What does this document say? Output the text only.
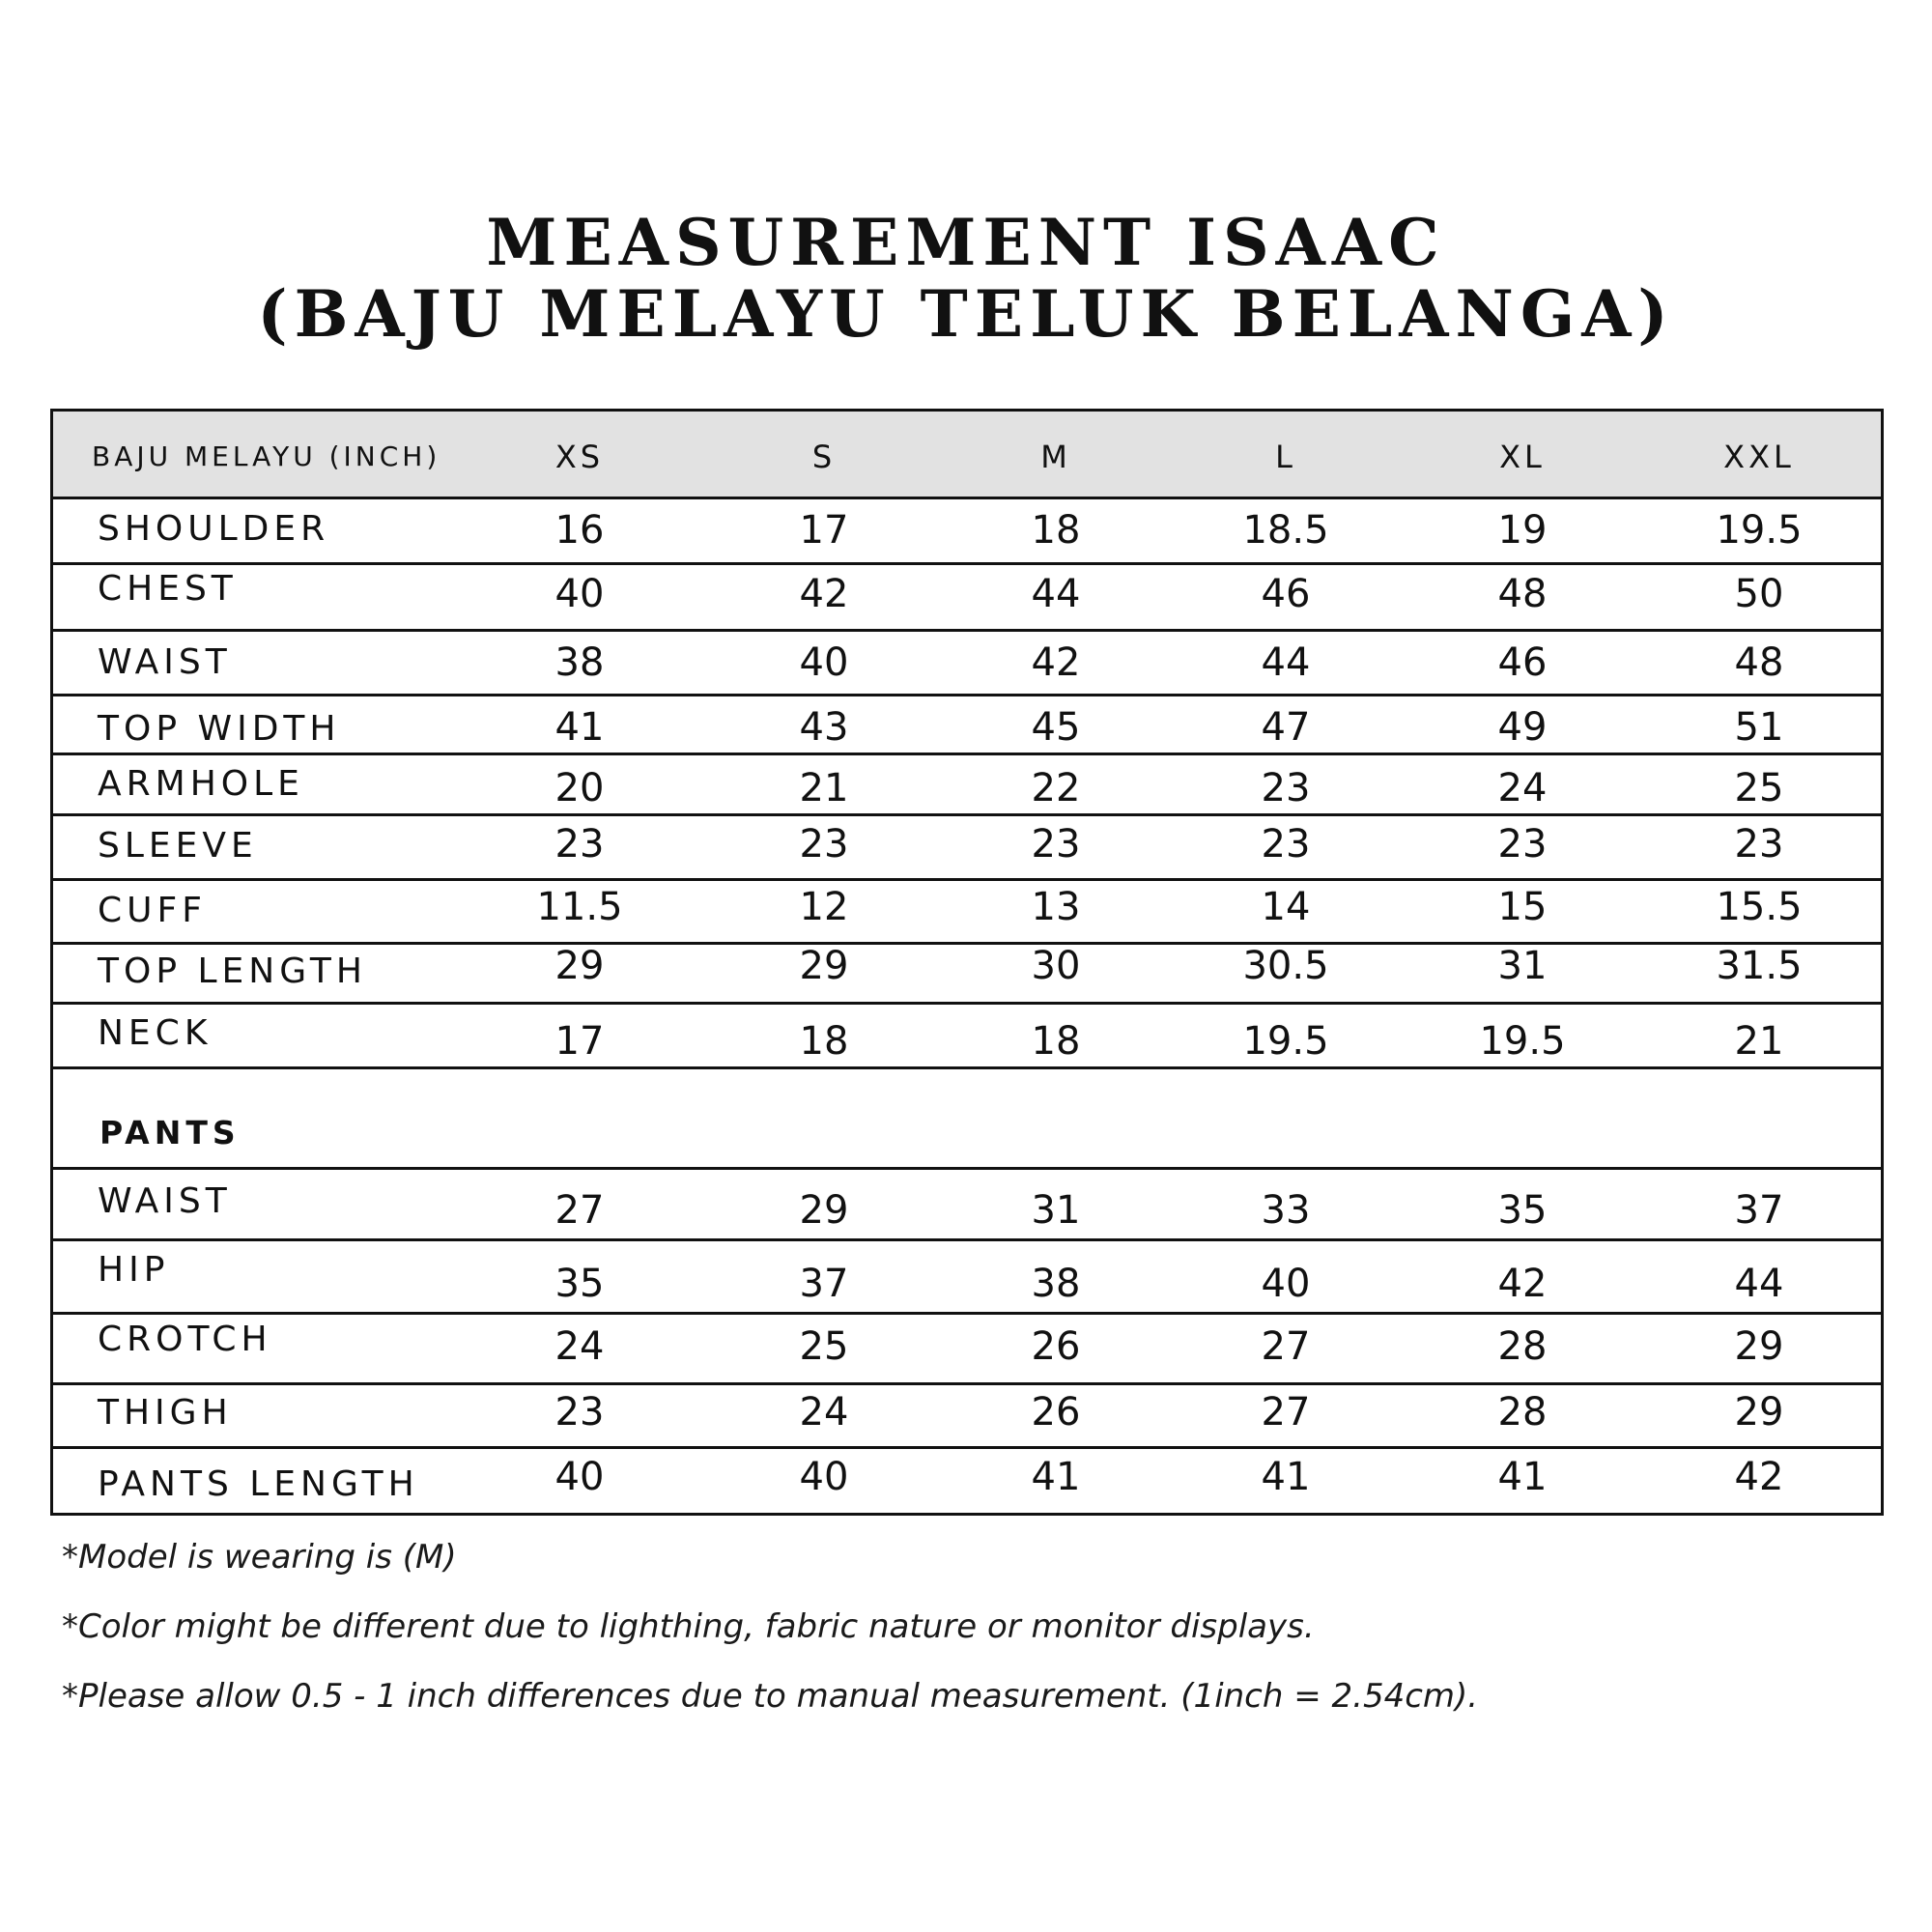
MEASUREMENT ISAAC
(BAJU MELAYU TELUK BELANGA)
BAJU MELAYU (INCH)	XS	S	M	L	XL	XXL
SHOULDER	16	17	18	18.5	19	19.5
CHEST	40	42	44	46	48	50
WAIST	38	40	42	44	46	48
TOP WIDTH	41	43	45	47	49	51
ARMHOLE	20	21	22	23	24	25
SLEEVE	23	23	23	23	23	23
CUFF	11.5	12	13	14	15	15.5
TOP LENGTH	29	29	30	30.5	31	31.5
NECK	17	18	18	19.5	19.5	21
PANTS
WAIST	27	29	31	33	35	37
HIP	35	37	38	40	42	44
CROTCH	24	25	26	27	28	29
THIGH	23	24	26	27	28	29
PANTS LENGTH	40	40	41	41	41	42
*Model is wearing is (M)
*Color might be different due to lighthing, fabric nature or monitor displays.
*Please allow 0.5 - 1 inch differences due to manual measurement. (1inch = 2.54cm).
